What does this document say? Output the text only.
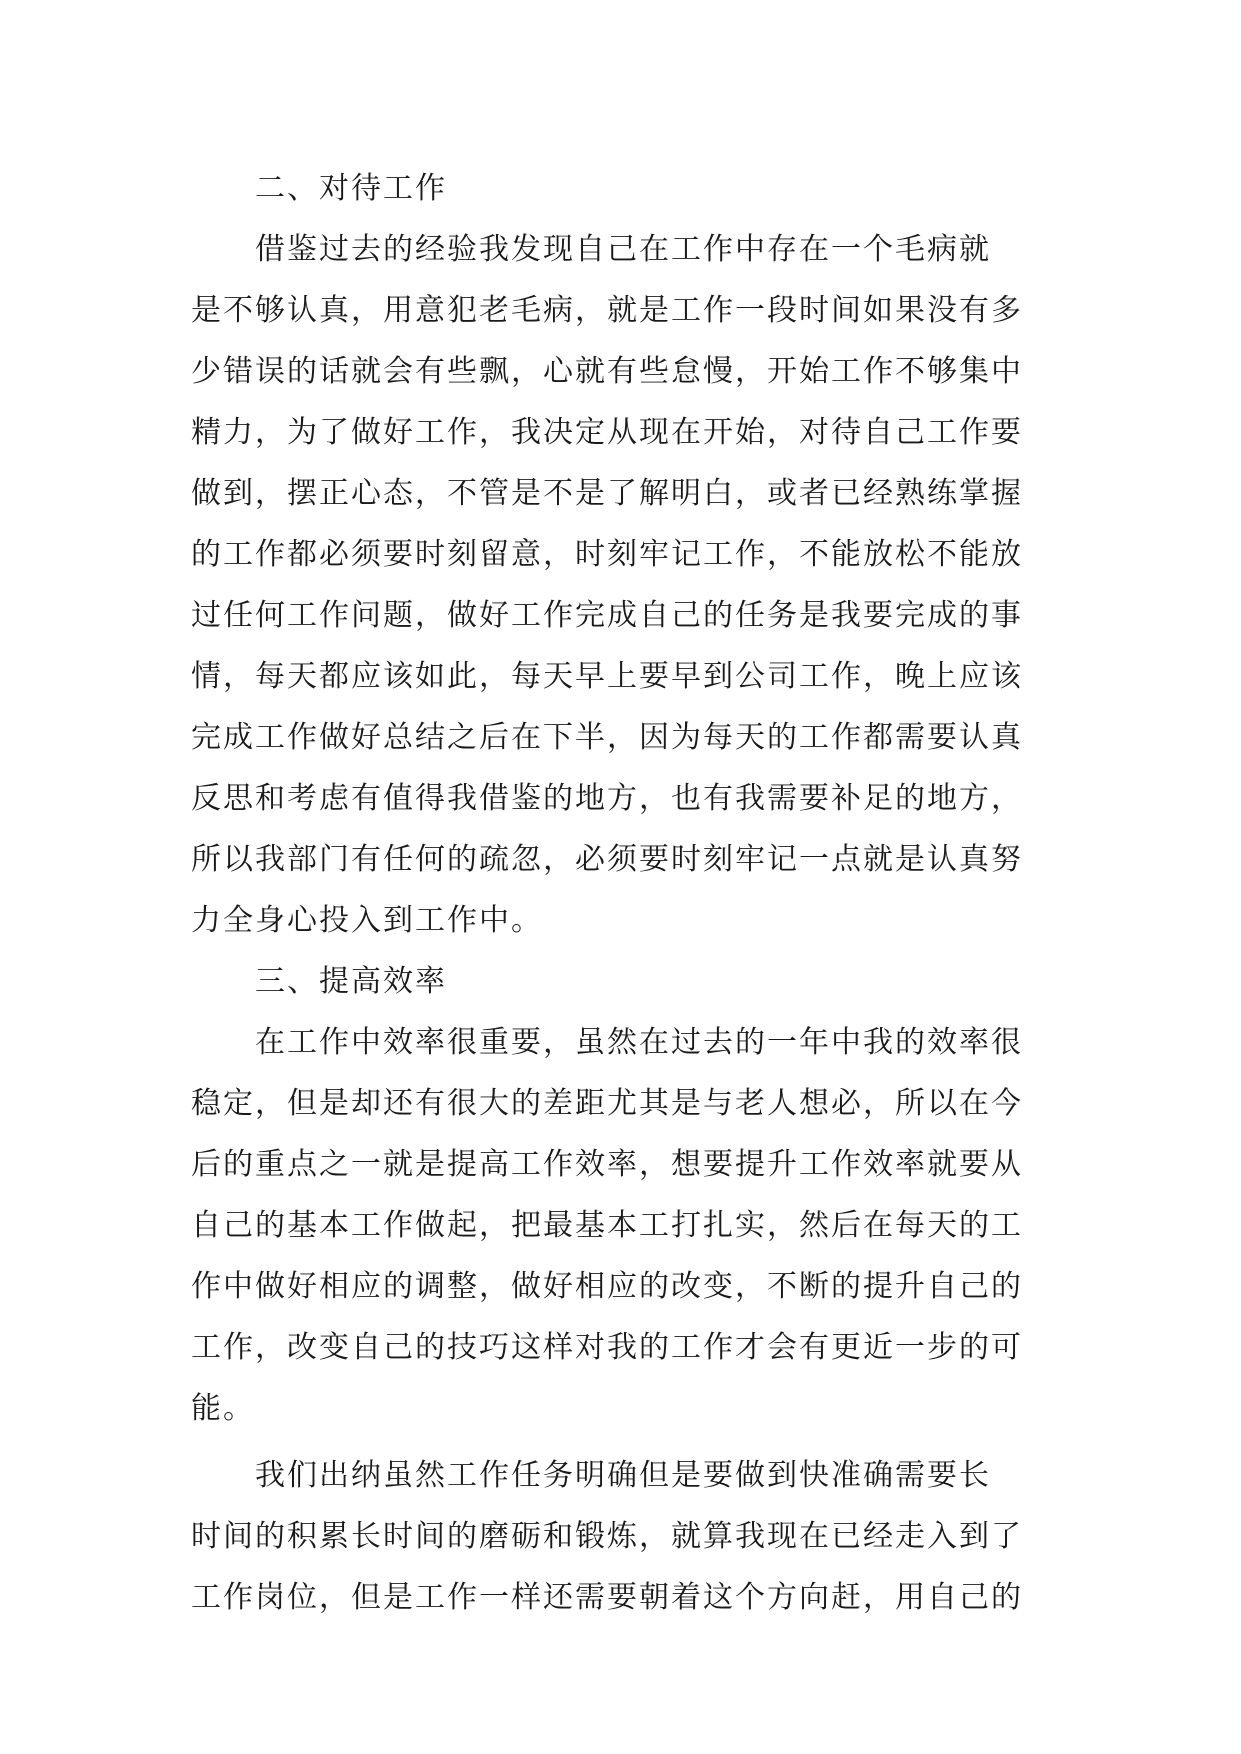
二、对待工作
借鉴过去的经验我发现自己在工作中存在一个毛病就
是不够认真，用意犯老毛病，就是工作一段时间如果没有多
少错误的话就会有些飘，心就有些怠慢，开始工作不够集中
精力，为了做好工作，我决定从现在开始，对待自己工作要
做到，摆正心态，不管是不是了解明白，或者已经熟练掌握
的工作都必须要时刻留意，时刻牢记工作，不能放松不能放
过任何工作问题，做好工作完成自己的任务是我要完成的事
情，每天都应该如此，每天早上要早到公司工作，晚上应该
完成工作做好总结之后在下半，因为每天的工作都需要认真
反思和考虑有值得我借鉴的地方，也有我需要补足的地方，
所以我部门有任何的疏忽，必须要时刻牢记一点就是认真努
力全身心投入到工作中。
三、提高效率
在工作中效率很重要，虽然在过去的一年中我的效率很
稳定，但是却还有很大的差距尤其是与老人想必，所以在今
后的重点之一就是提高工作效率，想要提升工作效率就要从
自己的基本工作做起，把最基本工打扎实，然后在每天的工
作中做好相应的调整，做好相应的改变，不断的提升自己的
工作，改变自己的技巧这样对我的工作才会有更近一步的可
能。
我们出纳虽然工作任务明确但是要做到快准确需要长
时间的积累长时间的磨砺和锻炼，就算我现在已经走入到了
工作岗位，但是工作一样还需要朝着这个方向赶，用自己的
